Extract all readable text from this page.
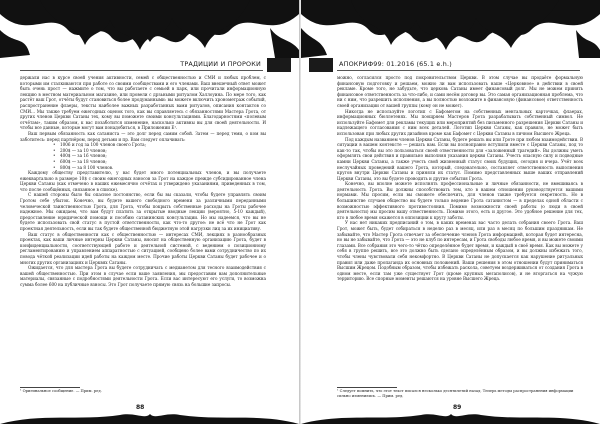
ТРАДИЦИИ И ПРОРОКИ

держали нас в курсе своей учения активности, семей с общественностью и СМИ и любых проблем, с которыми им сталкиваются при работе со своими сообществами и его членами. Ваш внешечный ответ может быть очень прост — нажмите о том, что вы работаете с семьей в парк, или прочитали информационную лекцию в местном материальном магазине, или провели с дрзьными ритуалом Халлоуина. По мере того, как растёт ваш Грот, отчёты будут становиться более продуманными: вы можете включить хронометраж событий, распространение флаеры, тексты наиболее важных разработанных вами ритуалов, описания контактов со СМИ... Мы также требуем ежегодных оценок того, как вы справляетесь с обязанностями Мастера Грота, от других членов Церкви Сатаны тех, кому вы поможете своими консультациями. Благодарностями «полевым отчётам», таким образом, к вас позаботится изменение, насколько активны вы для своей деятельности. И чтобы все данные, которые могут вам понадобиться, в Приложении Е¹.

Ваш первым обязанность как сатаниста — это долг перед самим собой. Затем — перед теми, о ком вы заботитесь: перед партнёром, перед детьми и пр. Вам следует оплачивать:

• 1006 и год за 100 членов своего Грота;
• 200$ — за 10 членов;
• 400$ — за 16 членов;
• 600$ — за 18 членов;
• 800$ — за 8 100 членов.

Каждому обществу представителю, у вас будет много потенциальных членов, и вы получаете ежеквартально в размере 10$ с своим ежегодных взносов за Грот на каждое прежде субсидированное члена Церкви Сатаны (как отмечено в наших ежемесячно отчётах и утверждено указаниями, приведенных в том, что после сообщённых, связанное в списке).

С нашей стороны было бы опасное постоянство, если бы вы сказали, чтобы будете управлять своим Гротом себе убыток. Конечно, вы будете вашего свободного времени за различными переданными человеческой таинственностью Грота, для Грота, чтобы покрыть собственные расходы на Гроты рабочее надежное. Мы ожидаем, что вам будут платить за открытые вводные лекции (вероятно, 5-10 каждый), предоставление юридической помощи и пособию сатанинских консультации. Но мы надеемся, что вы не будете использовать свой статус в пустой ответственности, как что-то другое: не всё что не Грот как проектная деятельность, если вы так будете общественной бюджетную этой нагрузки лиц за их инициативу.

Ваш статус в общественности как с общественностью — интересах СМИ, лекциях в разнообразных проектах, как ваши личные интерны Церкви Сатаны, вносит на общественную организацию Грота, будет в конфиденциальности, соответствующей работе и деятельной системой, с ведением о позиционному регламентированию и управлением аппаратностью с ситуацией, сообщено более вами сотрудничество по их повода чёткой реализации идей работы на каждом месте. Прочие работы Церкви Сатаны будет рабочее и о многих других организациях и Церквях Сатаны.

Ожидается, что для мастера Грота вы будете сотрудничать с медианетом для тесного взаимодействия с вашей общественностью. При этом в случае если ваше заявления, мы предоставим вам дополнительные материалы, связанные с подробностями деятельности Грота. Если вас интересуют его услуги, то возможна сумма более 600 на публичные взносы. Это Грот получаете прямую связь на большие запросы.

¹ Оригинальное сообщение. — Прим. ред.
88
АПОКРИФ99: 01.2016 (65.1 e.h.)

можно, согласился просто под покровительством Церкви. В этом случае вы продаёте формальную финансовую подготовку и решаем, можно ли вам использовать наше «Церковное» в действии в своей рекламе. Кроме того, не забудьте, что церковь Сатаны имеет финансовый долг. Мы не можем принять финансовое ответственность за что-либо, и сами несём договор вы. Это самая организационная проблема, что ни с ним, что разрешить исполнения, а вы полностью возложите в финансовую (финансовое) ответственность своей организации от вашей группы (кому он не может).

Никогда не используйте логотип с Бафометом на собственных ментальных карточках, флаерах, информационных бюллетенях. Мы поощряем Мастеров Грота разрабатывать собственный символ. Не используйте Бафомет для рекламы текущих или мероприятий без письменного разрешения Церкви Сатаны и надлежащего согласования с ним всех деталей. Логотип Церкви Сатаны, как правило, не может быть использован при любых других дизайнов кроме как Бафомет с Церкви Сатаны в личном Высшего Жреца.

Под каждым названием членов Церкви Сатаны, будете решать вы или Гроте при любом взаимодействии. В ситуации в вашем контексте — решать вам. Если вы полноправно вступили вместе с Церкви Сатаны, под то как-то так, чтобы вы это пользоваться своей отвественности для «заложенный трагедий». Вы должны уметь оформлять свои действия и правильно выполняя указания церкви Сатаны. Учесть опасную силу и подводные камни Церкви Сатаны, а также учесть свой жизненный статус своих будущих, сегодня и вчера. Учёт всех неслучайных проведений вашего Грота, который, следовательно, составляет ответственность выполнения кругов внутри Церкви Сатаны и приняли их статус. Помимо представленных выше ваших отправлений Церкви Сатаны, это вы будете проводить и другие события Грота.

Конечно, вы вполне можете исполнять профессиональные и личные обязанности, не вмешиваясь в деятельность Грота. Вы должны способствовать тем, кто в вашем отношении руководствуется вашими нормами. Мы просим, если вы сможете обеспечить, для членов также требуется секретность. Но в большинстве случаев общество вы будете только ведение Грота сатанистом — в пределах одной области с возможностью эффективного противостояния. Помимо возможности своей работы (о люди в своей деятельности) мы просим вашу отвественность. Помимо этого, есть и другое. Это удобное решение для тех, кто в любое время окажется в оппозиции к кругу заботы.

У нас нет никаких предписаний о том, в каких временах вас часто делать собрания своего Грота. Ваш Грот, может быть, будет собираться в неделю раз в месяц, или раз в месяц по большим праздникам. Не забывайте, что Мастер Грота отвечает за обеспечение членов Грота информацией, которая будет интересна, но вы не забывайте, что Грота — это не клуб по интересам, и Грота свободы любое время, и вы можете своими глазами. Все собрания это чего-то чётко определённое будет время, и каждый в своё время. Как вы можете у себя в группе решить, все это должно быть сделано определённым образом, и вы должны избежать того, чтобы члены чувствовали себя некомфортно. В Церкви Сатаны не допускается как нарушение ритуальных правил или даже пропаганда их основных положений. Ваши решения в этом отношении будут приниматься Высшим Жрецом. Подобным образом, чтобы избежать раскола, советуем воздерживаться от создания Грота в одном месте, если там уже существует Грот (кроме крупных мегаполисов), и не вторгаться на чужую территорию. Все спорные моменты решаются на уровне Высшего Жреца.

¹ Следует помнить, что этот текст писался несколько десятилетий назад. Теперь методы распространения информации сильно изменились. — Прим. ред.
89
